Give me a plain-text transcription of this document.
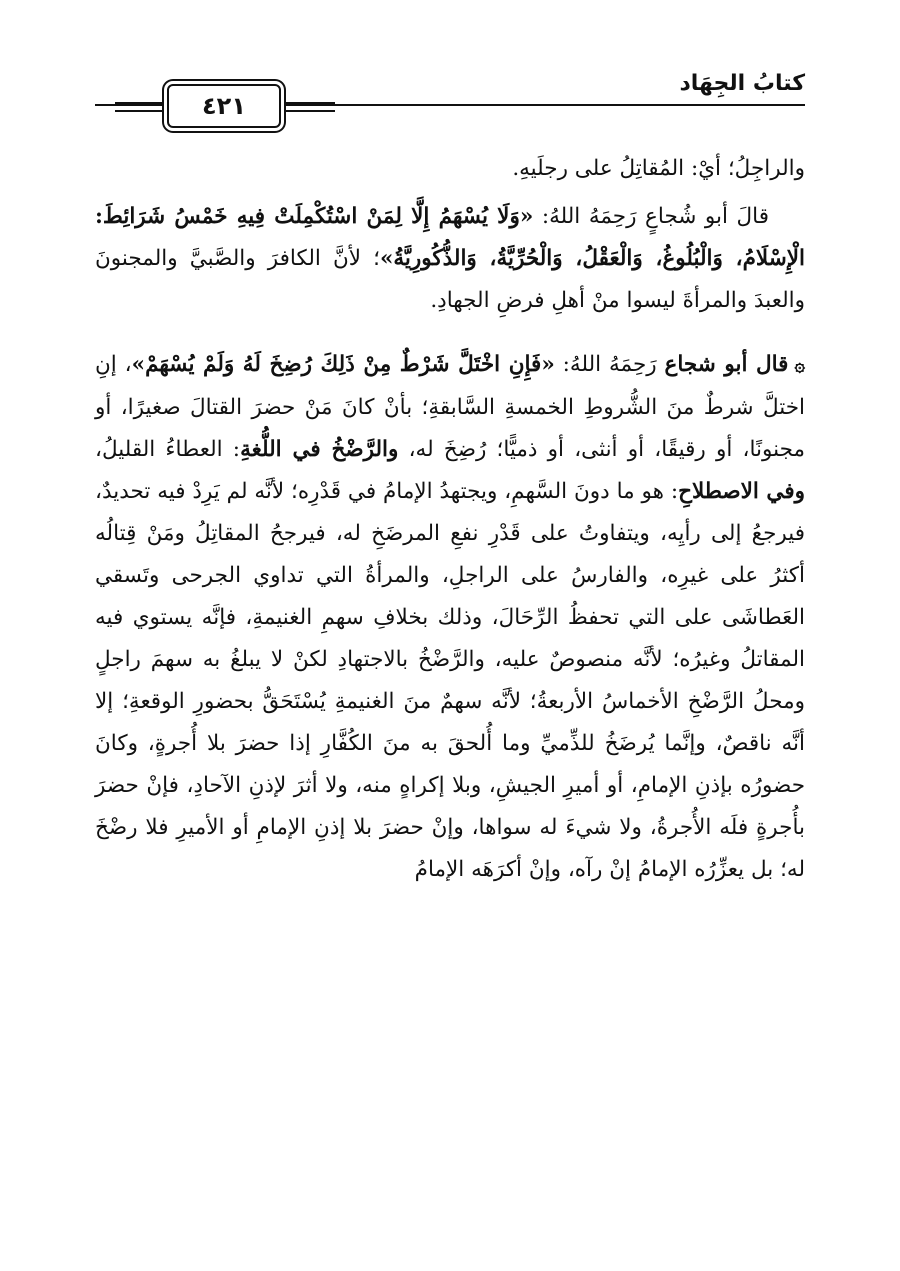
كتابُ الجِهَاد
٤٢١

والراجِلُ؛ أيْ: المُقاتِلُ على رجلَيهِ.

قالَ أبو شُجاعٍ رَحِمَهُ اللهُ: «وَلَا يُسْهَمُ إِلَّا لِمَنْ اسْتُكْمِلَتْ فِيهِ خَمْسُ شَرَائِطَ: الْإِسْلَامُ، وَالْبُلُوغُ، وَالْعَقْلُ، وَالْحُرِّيَّةُ، وَالذُّكُورِيَّةُ»؛ لأنَّ الكافرَ والصَّبيَّ والمجنونَ والعبدَ والمرأةَ ليسوا منْ أهلِ فرضِ الجهادِ.

۞قال أبو شجاع رَحِمَهُ اللهُ: «فَإِنِ اخْتَلَّ شَرْطٌ مِنْ ذَلِكَ رُضِخَ لَهُ وَلَمْ يُسْهَمْ»، إنِ اختلَّ شرطٌ منَ الشُّروطِ الخمسةِ السَّابقةِ؛ بأنْ كانَ مَنْ حضرَ القتالَ صغيرًا، أو مجنونًا، أو رقيقًا، أو أنثى، أو ذميًّا؛ رُضِخَ له، والرَّضْخُ في اللُّغةِ: العطاءُ القليلُ، وفي الاصطلاحِ: هو ما دونَ السَّهمِ، ويجتهدُ الإمامُ في قَدْرِه؛ لأنَّه لم يَرِدْ فيه تحديدٌ، فيرجعُ إلى رأيِه، ويتفاوتُ على قَدْرِ نفعِ المرضَخِ له، فيرجحُ المقاتِلُ ومَنْ قِتالُه أكثرُ على غيرِه، والفارسُ على الراجلِ، والمرأةُ التي تداوي الجرحى وتَسقي العَطاشَى على التي تحفظُ الرِّحَالَ، وذلك بخلافِ سهمِ الغنيمةِ، فإنَّه يستوي فيه المقاتلُ وغيرُه؛ لأنَّه منصوصٌ عليه، والرَّضْخُ بالاجتهادِ لكنْ لا يبلغُ به سهمَ راجلٍ ومحلُ الرَّضْخِ الأخماسُ الأربعةُ؛ لأنَّه سهمٌ منَ الغنيمةِ يُسْتَحَقُّ بحضورِ الوقعةِ؛ إلا أنَّه ناقصٌ، وإنَّما يُرضَخُ للذِّميِّ وما أُلحقَ به منَ الكُفَّارِ إذا حضرَ بلا أُجرةٍ، وكانَ حضورُه بإذنِ الإمامِ، أو أميرِ الجيشِ، وبلا إكراهٍ منه، ولا أثرَ لإذنِ الآحادِ، فإنْ حضرَ بأُجرةٍ فلَه الأُجرةُ، ولا شيءَ له سواها، وإنْ حضرَ بلا إذنِ الإمامِ أو الأميرِ فلا رضْخَ له؛ بل يعزِّرُه الإمامُ إنْ رآه، وإنْ أكرَهَه الإمامُ
